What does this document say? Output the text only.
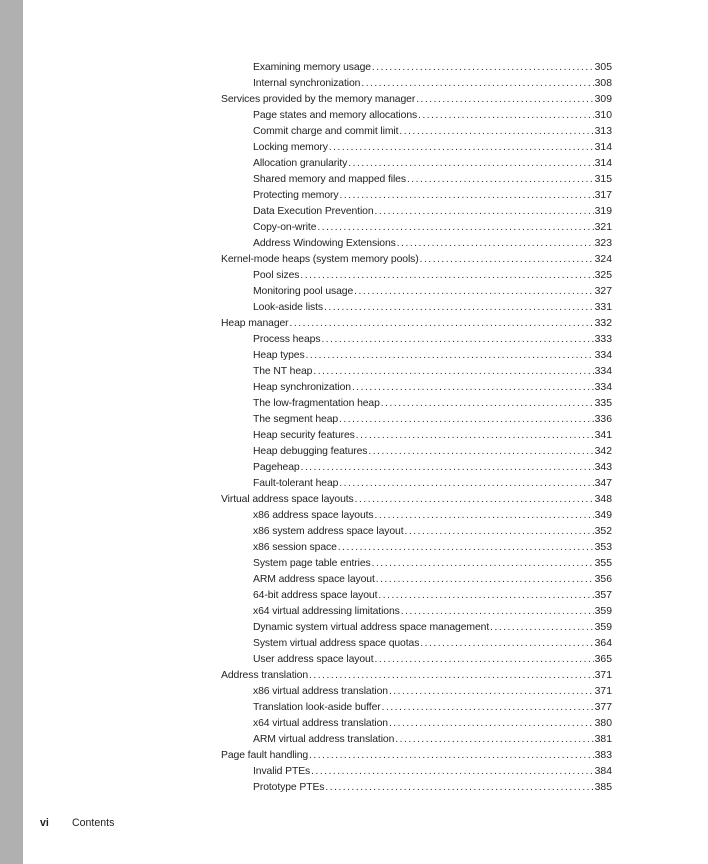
Examining memory usage . . .	305
Internal synchronization . . .	308
Services provided by the memory manager . . .	309
Page states and memory allocations . . .	310
Commit charge and commit limit . . .	313
Locking memory . . .	314
Allocation granularity . . .	314
Shared memory and mapped files . . .	315
Protecting memory . . .	317
Data Execution Prevention . . .	319
Copy-on-write . . .	321
Address Windowing Extensions . . .	323
Kernel-mode heaps (system memory pools) . . .	324
Pool sizes . . .	325
Monitoring pool usage . . .	327
Look-aside lists . . .	331
Heap manager . . .	332
Process heaps . . .	333
Heap types . . .	334
The NT heap . . .	334
Heap synchronization . . .	334
The low-fragmentation heap . . .	335
The segment heap . . .	336
Heap security features . . .	341
Heap debugging features . . .	342
Pageheap . . .	343
Fault-tolerant heap . . .	347
Virtual address space layouts . . .	348
x86 address space layouts . . .	349
x86 system address space layout . . .	352
x86 session space . . .	353
System page table entries . . .	355
ARM address space layout . . .	356
64-bit address space layout . . .	357
x64 virtual addressing limitations . . .	359
Dynamic system virtual address space management . . .	359
System virtual address space quotas . . .	364
User address space layout . . .	365
Address translation . . .	371
x86 virtual address translation . . .	371
Translation look-aside buffer . . .	377
x64 virtual address translation . . .	380
ARM virtual address translation . . .	381
Page fault handling . . .	383
Invalid PTEs . . .	384
Prototype PTEs . . .	385
vi	Contents
